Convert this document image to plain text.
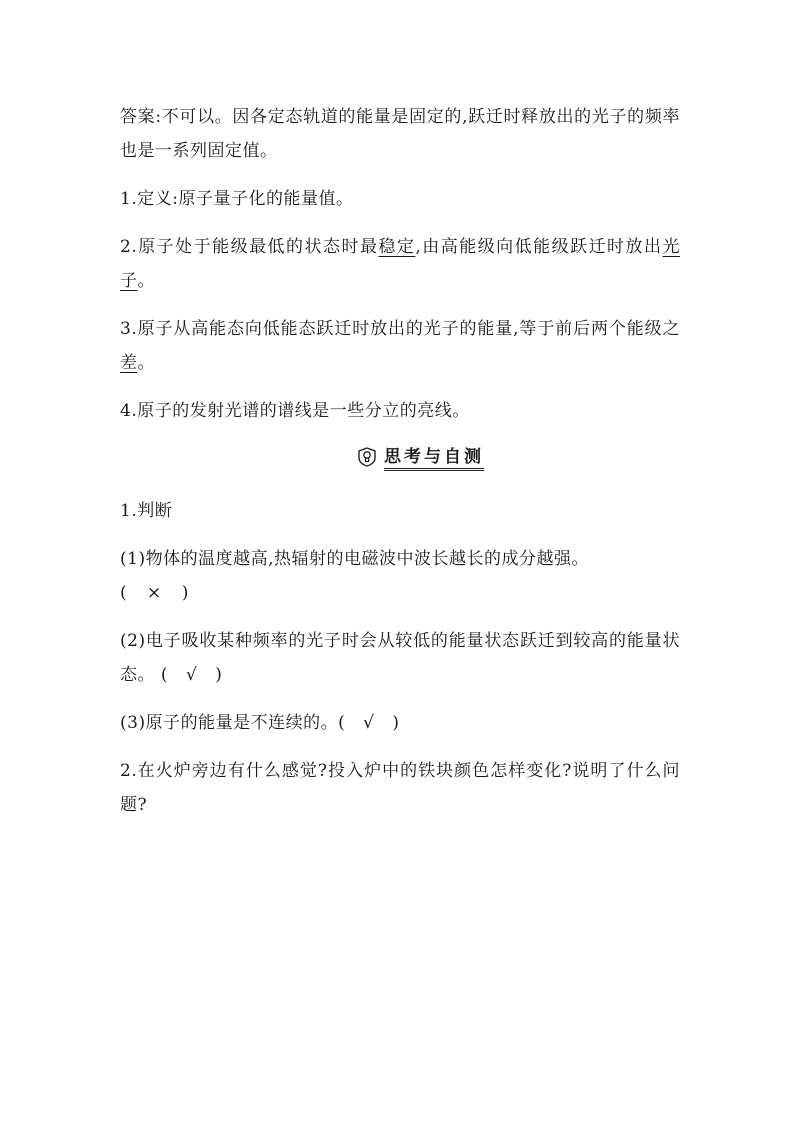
答案:不可以。因各定态轨道的能量是固定的,跃迁时释放出的光子的频率也是一系列固定值。

1.定义:原子量子化的能量值。

2.原子处于能级最低的状态时最稳定,由高能级向低能级跃迁时放出光子。

3.原子从高能态向低能态跃迁时放出的光子的能量,等于前后两个能级之差。

4.原子的发射光谱的谱线是一些分立的亮线。

思考与自测

1.判断

(1)物体的温度越高,热辐射的电磁波中波长越长的成分越强。
( × )

(2)电子吸收某种频率的光子时会从较低的能量状态跃迁到较高的能量状态。 ( √ )

(3)原子的能量是不连续的。( √ )

2.在火炉旁边有什么感觉?投入炉中的铁块颜色怎样变化?说明了什么问题?
